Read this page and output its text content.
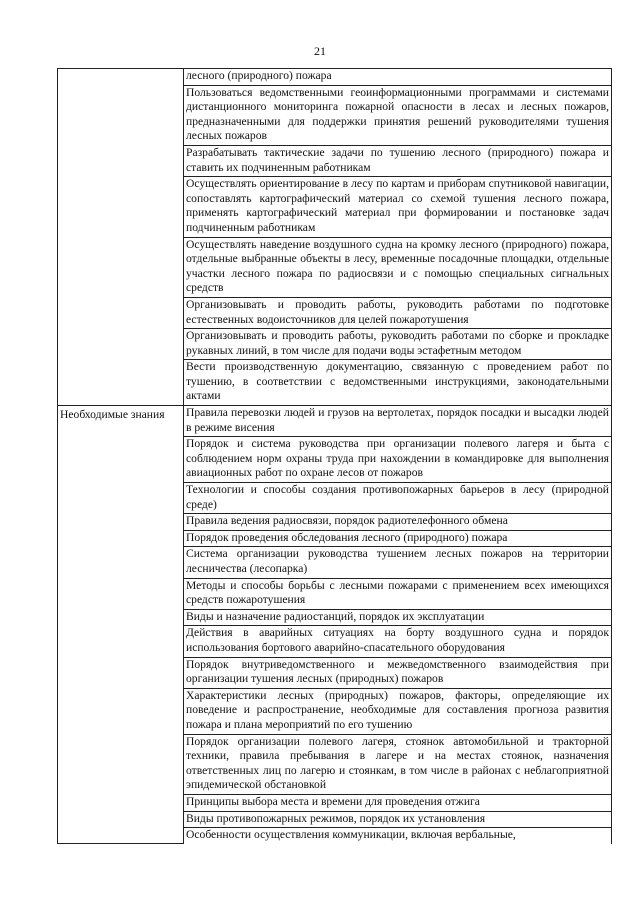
21
	лесного (природного) пожара
	Пользоваться ведомственными геоинформационными программами и системами дистанционного мониторинга пожарной опасности в лесах и лесных пожаров, предназначенными для поддержки принятия решений руководителями тушения лесных пожаров
	Разрабатывать тактические задачи по тушению лесного (природного) пожара и ставить их подчиненным работникам
	Осуществлять ориентирование в лесу по картам и приборам спутниковой навигации, сопоставлять картографический материал со схемой тушения лесного пожара, применять картографический материал при формировании и постановке задач подчиненным работникам
	Осуществлять наведение воздушного судна на кромку лесного (природного) пожара, отдельные выбранные объекты в лесу, временные посадочные площадки, отдельные участки лесного пожара по радиосвязи и с помощью специальных сигнальных средств
	Организовывать и проводить работы, руководить работами по подготовке естественных водоисточников для целей пожаротушения
	Организовывать и проводить работы, руководить работами по сборке и прокладке рукавных линий, в том числе для подачи воды эстафетным методом
	Вести производственную документацию, связанную с проведением работ по тушению, в соответствии с ведомственными инструкциями, законодательными актами
Необходимые знания	Правила перевозки людей и грузов на вертолетах, порядок посадки и высадки людей в режиме висения
	Порядок и система руководства при организации полевого лагеря и быта с соблюдением норм охраны труда при нахождении в командировке для выполнения авиационных работ по охране лесов от пожаров
	Технологии и способы создания противопожарных барьеров в лесу (природной среде)
	Правила ведения радиосвязи, порядок радиотелефонного обмена
	Порядок проведения обследования лесного (природного) пожара
	Система организации руководства тушением лесных пожаров на территории лесничества (лесопарка)
	Методы и способы борьбы с лесными пожарами с применением всех имеющихся средств пожаротушения
	Виды и назначение радиостанций, порядок их эксплуатации
	Действия в аварийных ситуациях на борту воздушного судна и порядок использования бортового аварийно-спасательного оборудования
	Порядок внутриведомственного и межведомственного взаимодействия при организации тушения лесных (природных) пожаров
	Характеристики лесных (природных) пожаров, факторы, определяющие их поведение и распространение, необходимые для составления прогноза развития пожара и плана мероприятий по его тушению
	Порядок организации полевого лагеря, стоянок автомобильной и тракторной техники, правила пребывания в лагере и на местах стоянок, назначения ответственных лиц по лагерю и стоянкам, в том числе в районах с неблагоприятной эпидемической обстановкой
	Принципы выбора места и времени для проведения отжига
	Виды противопожарных режимов, порядок их установления
	Особенности осуществления коммуникации, включая вербальные,
